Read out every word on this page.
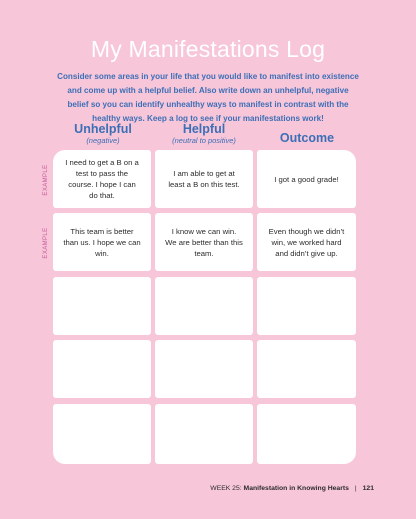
My Manifestations Log
Consider some areas in your life that you would like to manifest into existence and come up with a helpful belief. Also write down an unhelpful, negative belief so you can identify unhealthy ways to manifest in contrast with the healthy ways. Keep a log to see if your manifestations work!
Unhelpful
(negative)
Helpful
(neutral to positive)	Outcome
EXAMPLE
EXAMPLE
I need to get a B on a test to pass the course. I hope I can do that.
I am able to get at least a B on this test.
I got a good grade!
This team is better than us. I hope we can win.
I know we can win. We are better than this team.
Even though we didn’t win, we worked hard and didn’t give up.
WEEK 25:
Manifestation in Knowing Hearts | 121
